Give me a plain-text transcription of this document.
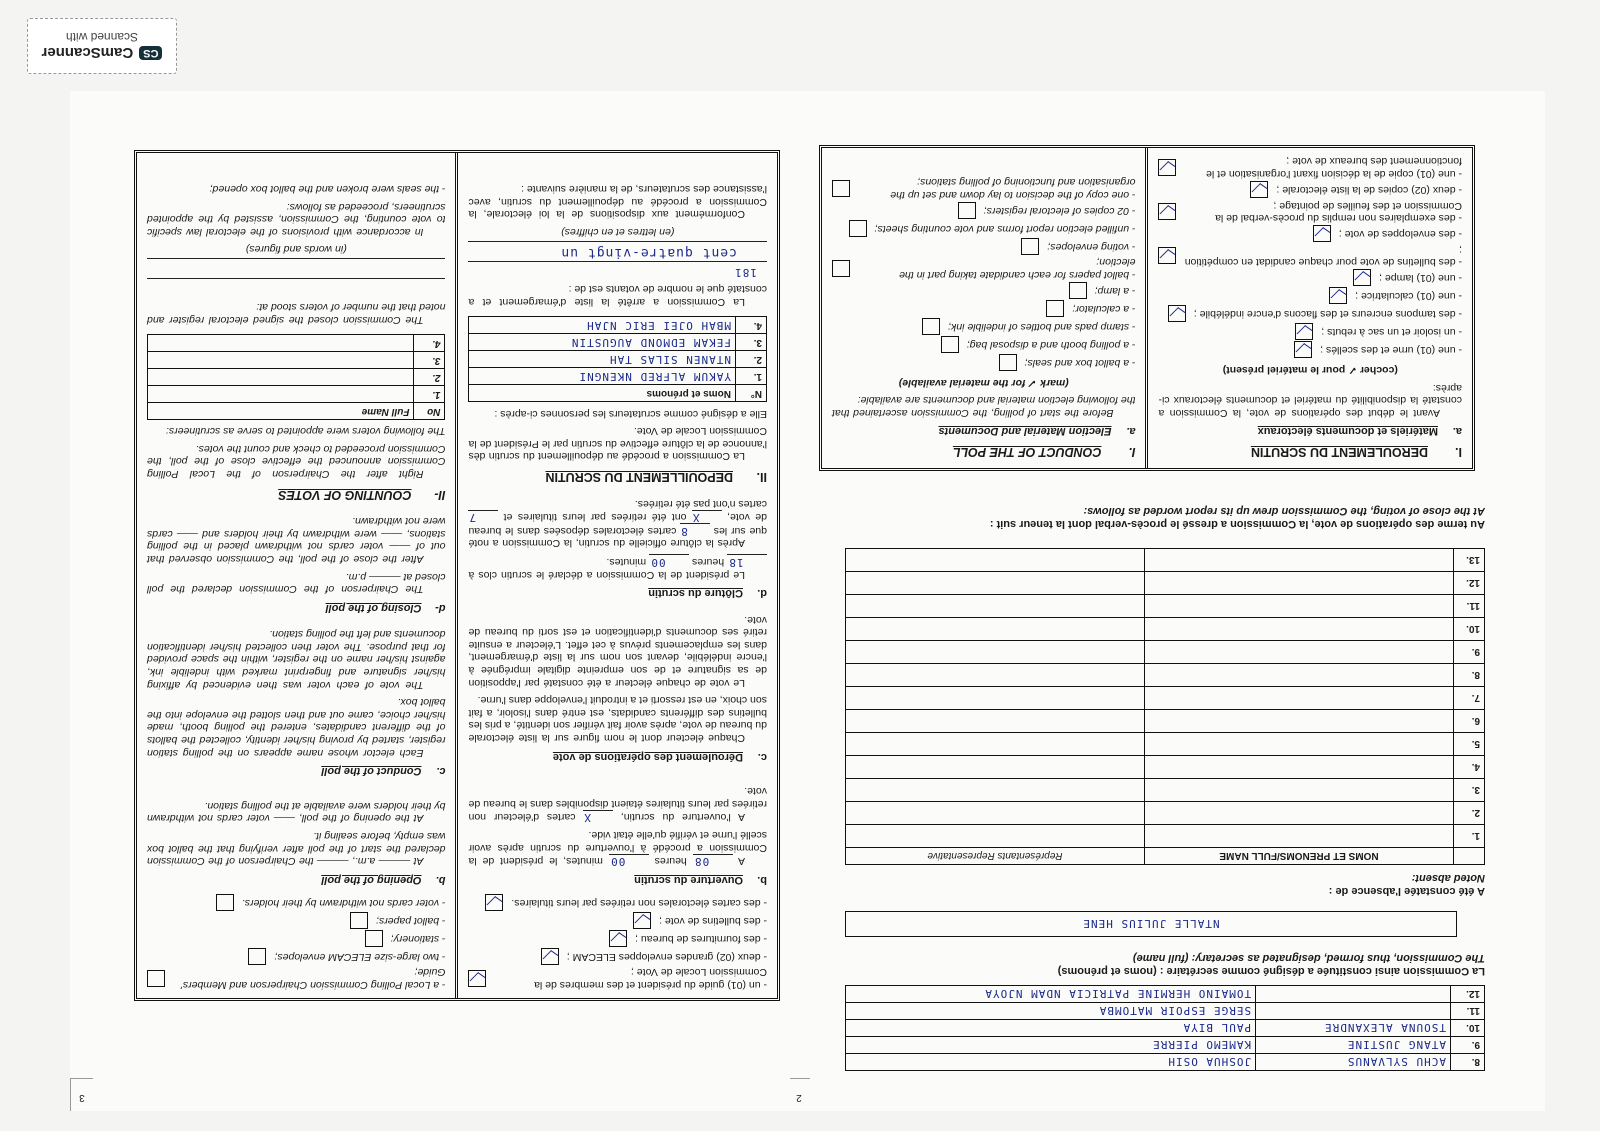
CS
CamScanner
Scanned with
2
8.	ACHU SYLVANUS	JOSHUA OSIH
9.	ATANG JUSTINE	KAMEMO PIERRE
10.	TSOUNA ALEXANDRE	PAUL BIYA
11.		SERGE ESPOIR MATOMBA
12.		TOMAINO HERMINE PATRICIA NDAM NJOYA
La Commission ainsi constituée a désigné comme secrétaire : (noms et prénoms)
The Commission, thus formed, designated as secretary: (full name)
NTALLE JULIUS HENE
A été constatée l'absence de :
Noted absent:
	NOMS ET PRENOMS/FULL NAME	Représentants Representative
1.		
2.		
3.		
4.		
5.		
6.		
7.		
8.		
9.		
10.		
11.		
12.		
13.		
Au terme des opérations de vote, la Commission a dressé le procès-verbal dont la teneur suit :
At the close of voting, the Commission drew up its report worded as follows:
I.DEROULEMENT DU SCRUTIN
a.Matériels et documents électoraux

Avant le début des opérations de vote, la Commission a constaté la disponibilité du matériel et documents électoraux ci-après:

(cocher ✓ pour le matériel présent)

- une (01) urne et des scellés ;
- un isoloir et un sac à rebuts ;
- des tampons encreurs et des flacons d'encre indélébile ;
- une (01) calculatrice ;
- une (01) lampe ;
- des bulletins de vote pour chaque candidat en compétition ;
- des enveloppes de vote ;
- des exemplaires non remplis du procès-verbal de la Commission et des feuilles de pointage ;
- deux (02) copies de la liste électorale ;
- une (01) copie de la décision fixant l'organisation et le fonctionnement des bureaux de vote ;
I.CONDUCT OF THE POLL
a.Election Material and Documents

Before the start of polling, the Commission ascertained that the following election material and documents are available:

(mark ✓ for the material available)

- a ballot box and seals;
- a polling booth and a disposal bag;
- stamp pads and bottles of indelible ink;
- a calculator;
- a lamp;
- ballot papers for each candidate taking part in the election;
- voting envelopes;
- unfilled election report forms and vote counting sheets;
- 02 copies of electoral registers;
- one copy of the decision to lay down and set up the organisation and functioning of polling stations;
3
- un (01) guide du président et des membres de la Commission Locale de Vote ;
- deux (02) grandes enveloppes ELECAM ;
- des fournitures de bureau ;
- des bulletins de vote ;
- des cartes électorales non retirées par leurs titulaires.
b.Ouverture du scrutin

A 08 heures 00 minutes, le président de la Commission a procédé à l'ouverture du scrutin après avoir scellé l'urne et vérifié qu'elle était vide.

A l'ouverture du scrutin, X cartes d'électeur non retirées par leurs titulaires étaient disponibles dans le bureau de vote.

c.Déroulement des opérations de vote

Chaque électeur dont le nom figure sur la liste électorale du bureau de vote, après avoir fait vérifier son identité, a pris les bulletins des différents candidats, est entré dans l'isoloir, a fait son choix, en est ressorti et a introduit l'enveloppe dans l'urne.

Le vote de chaque électeur a été constaté par l'apposition de sa signature et de son empreinte digitale imprégnée à l'encre indélébile, devant son nom sur la liste d'émargement, dans les emplacements prévus à cet effet. L'électeur a ensuite retiré ses documents d'identification et est sorti du bureau de vote.

d.Clôture du scrutin

Le président de la Commission a déclaré le scrutin clos à 18 heures 00 minutes.

Après la clôture officielle du scrutin, la Commission a noté que sur les 8 cartes électorales déposées dans le bureau de vote, X ont été retirées par leurs titulaires et 7 cartes n'ont pas été retirées.

II.DEPOUILLEMENT DU SCRUTIN

La Commission a procédé au dépouillement du scrutin dès l'annonce de la clôture effective du scrutin par le Président de la Commission Locale de Vote.

Elle a désigné comme scrutateurs les personnes ci-après :

N°	Noms et prénoms
1.	YAKUM ALFRED NKENGNI
2.	NTANEN SILAS TAH
3.	FEKAM EDMOND AUGUSTIN
4.	MBAH OJEI ERIC NJAH

La Commission a arrêté la liste d'émargement et a constaté que le nombre de votants est de :

181
cent quatre-vingt un

(en lettres et en chiffres)

Conformément aux dispositions de la loi électorale, la Commission a procédé au dépouillement du scrutin, avec l'assistance des scrutateurs, de la manière suivante :

- a Local Polling Commission Chairperson and Members' Guide;
- two large-size ELECAM envelopes;
- stationery;
- ballot papers;
- voter cards not withdrawn by their holders.
b.Opening of the poll

At ——— a.m., ——— the Chairperson of the Commission declared the start of the poll after verifying that the ballot box was empty, before sealing it.

At the opening of the poll, —— voter cards not withdrawn by their holders were available at the polling station.

c.Conduct of the poll

Each elector whose name appears on the polling station register, started by proving his/her identity, collected the ballots of the different candidates, entered the polling booth, made his/her choice, came out and then slotted the envelope into the ballot box.

The vote of each voter was then evidenced by affixing his/her signature and fingerprint marked with indelible ink, against his/her name on the register, within the space provided for that purpose. The voter then collected his/her identification documents and left the polling station.

d-Closing of the poll

The Chairperson of the Commission declared the poll closed at ——— p.m.

After the close of the poll, the Commission observed that out of —— voter cards not withdrawn placed in the polling stations, —— were withdrawn by their holders and —— cards were not withdrawn.

II-COUNTING OF VOTES

Right after the Chairperson of the Local Polling Commission announced the effective close of the poll, the Commission proceeded to check and count the votes.

The following voters were appointed to serve as scrutineers:

No	Full Name
1.	
2.	
3.	
4.	

The Commission closed the signed electoral register and noted that the number of voters stood at:

(in words and figures)

In accordance with provisions of the electoral law specific to vote counting, the Commission, assisted by the appointed scrutineers, proceeded as follows:

- the seals were broken and the ballot box opened;
